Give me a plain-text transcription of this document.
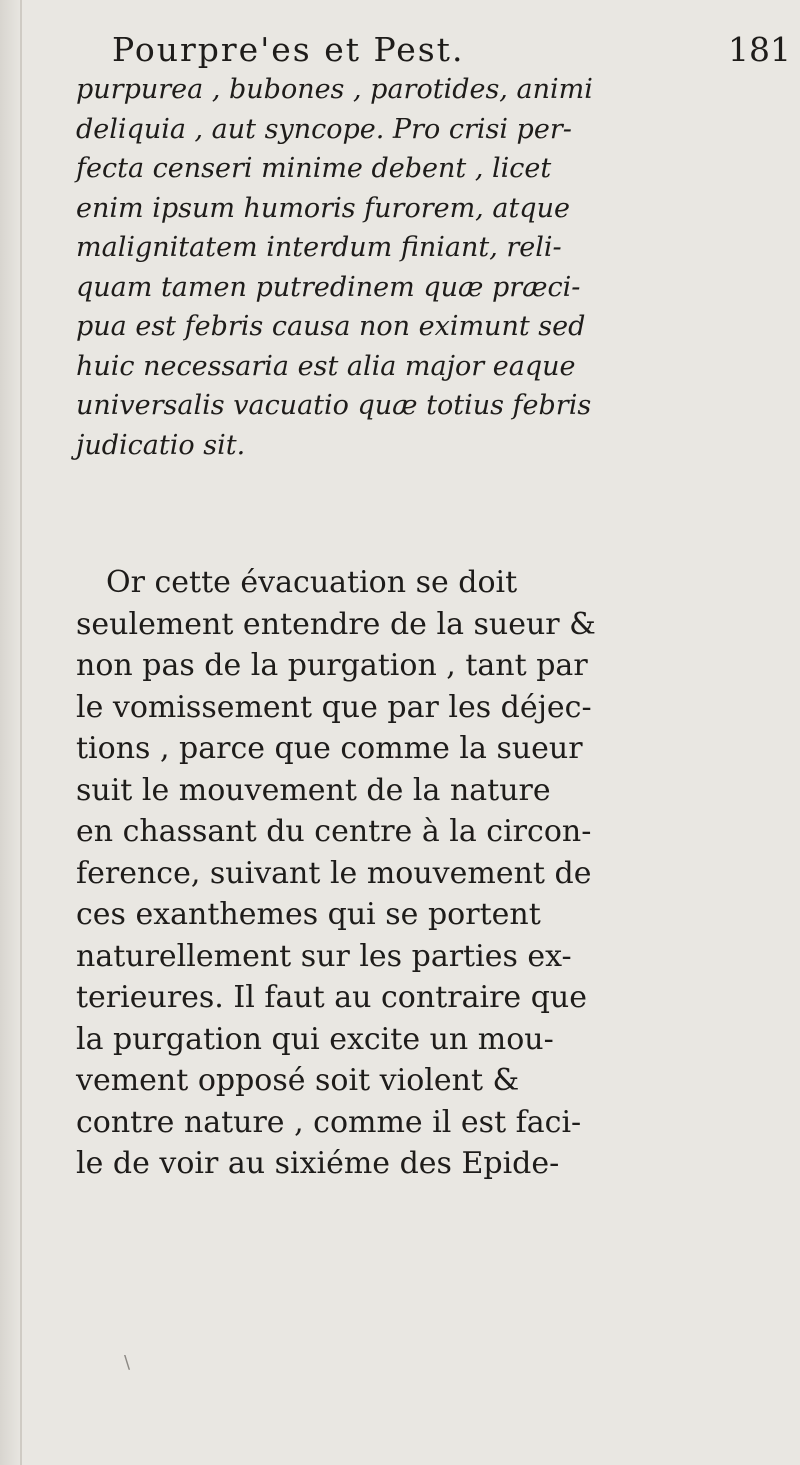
Pourpre'es et Pest.	181
purpurea , bubones , parotides, animi
deliquia , aut syncope. Pro crisi per-
fecta censeri minime debent , licet
enim ipsum humoris furorem, atque
malignitatem interdum finiant, reli-
quam tamen putredinem quæ præci-
pua est febris causa non eximunt sed
huic necessaria est alia major eaque
universalis vacuatio quæ totius febris
judicatio sit.
Or cette évacuation se doit
seulement entendre de la sueur &
non pas de la purgation , tant par
le vomissement que par les déjec-
tions , parce que comme la sueur
suit le mouvement de la nature
en chassant du centre à la circon-
ference, suivant le mouvement de
ces exanthemes qui se portent
naturellement sur les parties ex-
terieures. Il faut au contraire que
la purgation qui excite un mou-
vement opposé soit violent &
contre nature , comme il est faci-
le de voir au sixiéme des Epide-
\
